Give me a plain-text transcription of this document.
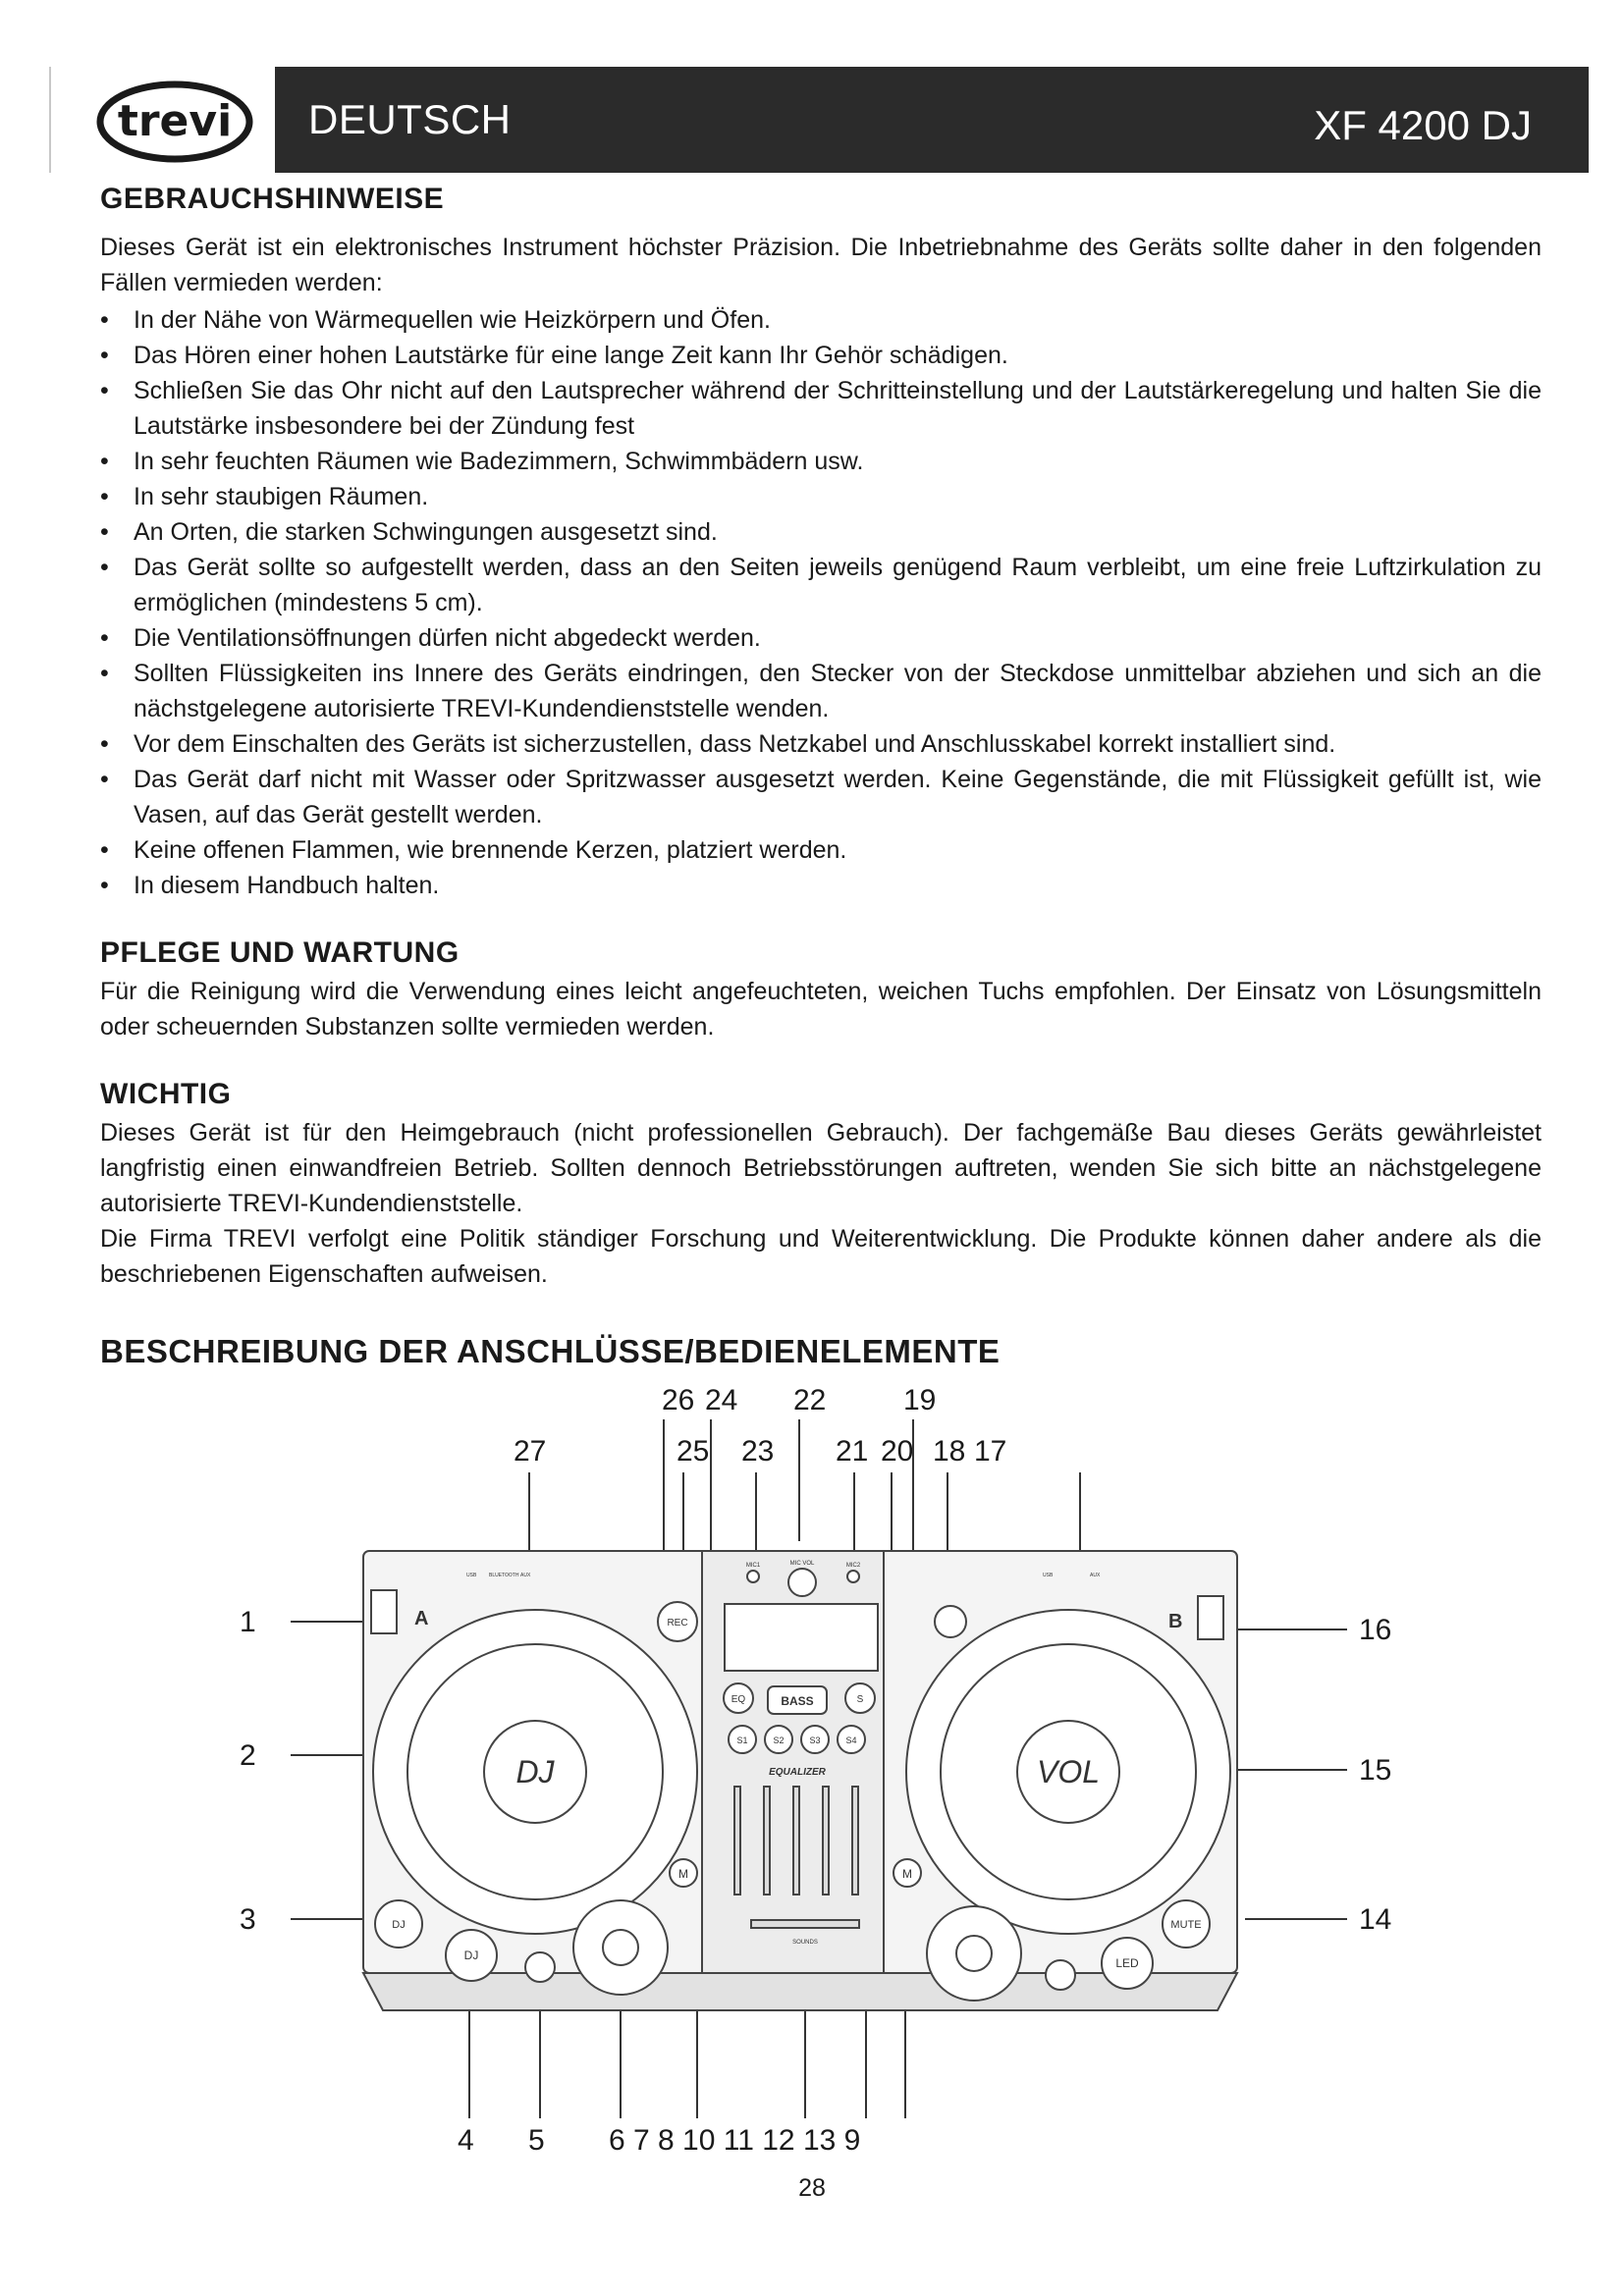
trevi DEUTSCH	XF 4200 DJ
GEBRAUCHSHINWEISE

Dieses Gerät ist ein elektronisches Instrument höchster Präzision. Die Inbetriebnahme des Geräts sollte daher in den folgenden Fällen vermieden werden:

• In der Nähe von Wärmequellen wie Heizkörpern und Öfen.
• Das Hören einer hohen Lautstärke für eine lange Zeit kann Ihr Gehör schädigen.
• Schließen Sie das Ohr nicht auf den Lautsprecher während der Schritteinstellung und der Lautstärkeregelung und halten Sie die Lautstärke insbesondere bei der Zündung fest
• In sehr feuchten Räumen wie Badezimmern, Schwimmbädern usw.
• In sehr staubigen Räumen.
• An Orten, die starken Schwingungen ausgesetzt sind.
• Das Gerät sollte so aufgestellt werden, dass an den Seiten jeweils genügend Raum verbleibt, um eine freie Luftzirkulation zu ermöglichen (mindestens 5 cm).
• Die Ventilationsöffnungen dürfen nicht abgedeckt werden.
• Sollten Flüssigkeiten ins Innere des Geräts eindringen, den Stecker von der Steckdose unmittelbar abziehen und sich an die nächstgelegene autorisierte TREVI-Kundendienststelle wenden.
• Vor dem Einschalten des Geräts ist sicherzustellen, dass Netzkabel und Anschlusskabel korrekt installiert sind.
• Das Gerät darf nicht mit Wasser oder Spritzwasser ausgesetzt werden. Keine Gegenstände, die mit Flüssigkeit gefüllt ist, wie Vasen, auf das Gerät gestellt werden.
• Keine offenen Flammen, wie brennende Kerzen, platziert werden.
• In diesem Handbuch halten.
PFLEGE UND WARTUNG

Für die Reinigung wird die Verwendung eines leicht angefeuchteten, weichen Tuchs empfohlen. Der Einsatz von Lösungsmitteln oder scheuernden Substanzen sollte vermieden werden.

WICHTIG

Dieses Gerät ist für den Heimgebrauch (nicht professionellen Gebrauch). Der fachgemäße Bau dieses Geräts gewährleistet langfristig einen einwandfreien Betrieb. Sollten dennoch Betriebsstörungen auftreten, wenden Sie sich bitte an nächstgelegene autorisierte TREVI-Kundendienststelle.

Die Firma TREVI verfolgt eine Politik ständiger Forschung und Weiterentwicklung. Die Produkte können daher andere als die beschriebenen Eigenschaften aufweisen.

BESCHREIBUNG DER ANSCHLÜSSE/BEDIENELEMENTE
26 24 22	19
27	25 23 21 20 18 17
1
2
3
16
15
14
4 5 6 7 8 10 11 12 13 9
A
DJ
REC
DJ
DJ
M
USB	BLUETOOTH AUX
MIC1	MIC VOL	MIC2
EQ	BASS	S
S1	S2	S3	S4
EQUALIZER
SOUNDS
B
VOL
MUTE
LED
M
USB	AUX
28
